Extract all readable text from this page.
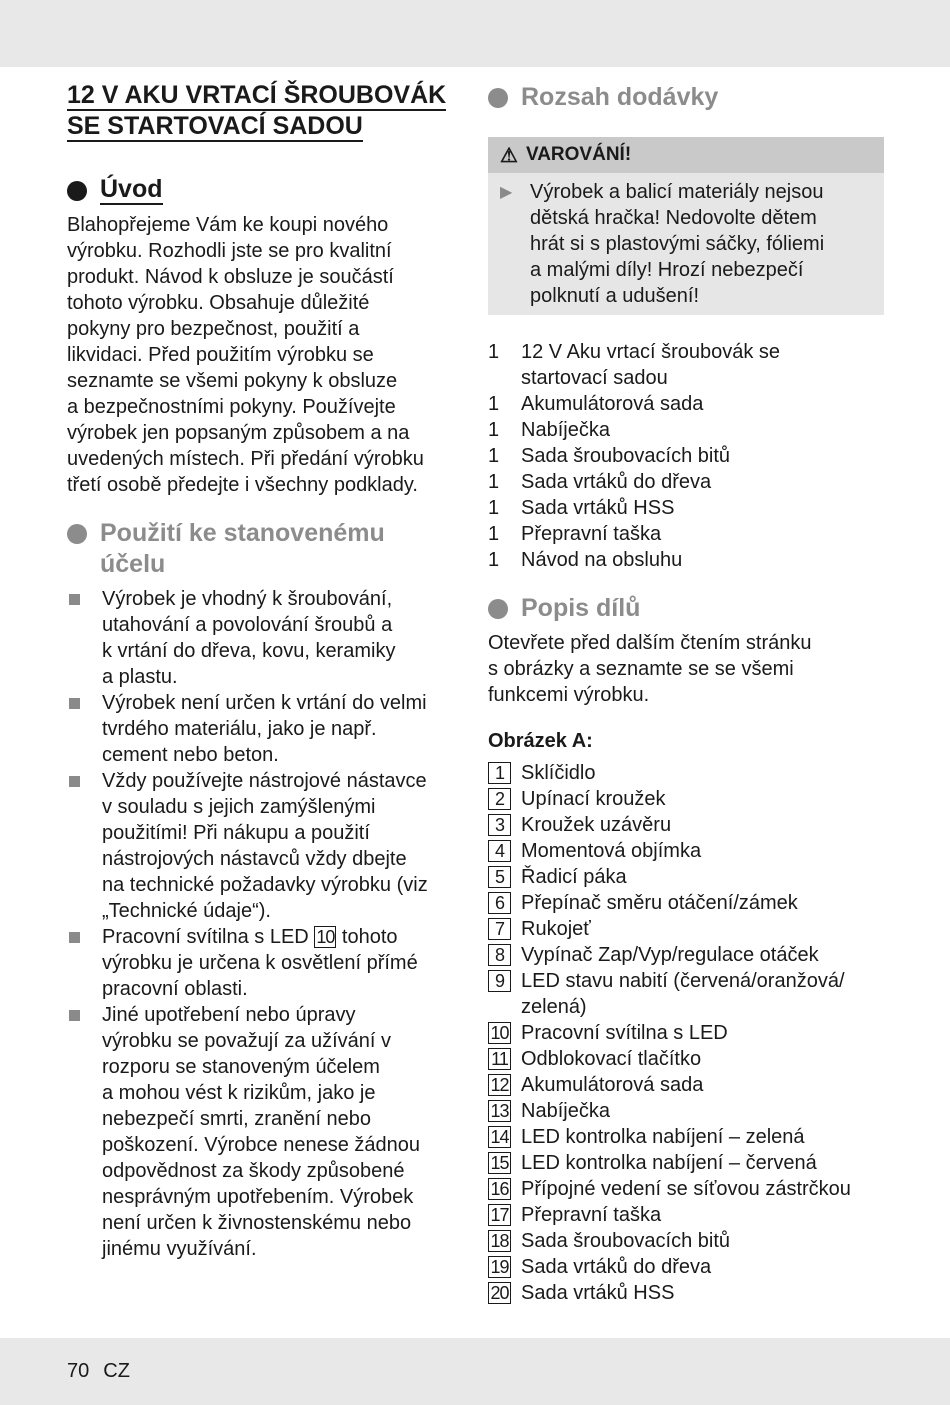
12 V AKU VRTACÍ ŠROUBOVÁK
SE STARTOVACÍ SADOU
Úvod
Blahopřejeme Vám ke koupi nového
výrobku. Rozhodli jste se pro kvalitní
produkt. Návod k obsluze je součástí
tohoto výrobku. Obsahuje důležité
pokyny pro bezpečnost, použití a
likvidaci. Před použitím výrobku se
seznamte se všemi pokyny k obsluze
a bezpečnostními pokyny. Používejte
výrobek jen popsaným způsobem a na
uvedených místech. Při předání výrobku
třetí osobě předejte i všechny podklady.
Použití ke stanovenému
účelu
Výrobek je vhodný k šroubování,
utahování a povolování šroubů a
k vrtání do dřeva, kovu, keramiky
a plastu.
Výrobek není určen k vrtání do velmi
tvrdého materiálu, jako je např.
cement nebo beton.
Vždy používejte nástrojové nástavce
v souladu s jejich zamýšlenými
použitími! Při nákupu a použití
nástrojových nástavců vždy dbejte
na technické požadavky výrobku (viz
„Technické údaje“).
Pracovní svítilna s LED 10 tohoto
výrobku je určena k osvětlení přímé
pracovní oblasti.
Jiné upotřebení nebo úpravy
výrobku se považují za užívání v
rozporu se stanoveným účelem
a mohou vést k rizikům, jako je
nebezpečí smrti, zranění nebo
poškození. Výrobce nenese žádnou
odpovědnost za škody způsobené
nesprávným upotřebením. Výrobek
není určen k živnostenskému nebo
jinému využívání.
Rozsah dodávky
⚠ VAROVÁNÍ!
▶ Výrobek a balicí materiály nejsou
dětská hračka! Nedovolte dětem
hrát si s plastovými sáčky, fóliemi
a malými díly! Hrozí nebezpečí
polknutí a udušení!
1	12 V Aku vrtací šroubovák se
startovací sadou
1	Akumulátorová sada
1	Nabíječka
1	Sada šroubovacích bitů
1	Sada vrtáků do dřeva
1	Sada vrtáků HSS
1	Přepravní taška
1	Návod na obsluhu
Popis dílů
Otevřete před dalším čtením stránku
s obrázky a seznamte se se všemi
funkcemi výrobku.
Obrázek A:
1 Sklíčidlo
2 Upínací kroužek
3 Kroužek uzávěru
4 Momentová objímka
5 Řadicí páka
6 Přepínač směru otáčení/zámek
7 Rukojeť
8 Vypínač Zap/Vyp/regulace otáček
9 LED stavu nabití (červená/oranžová/
zelená)
10 Pracovní svítilna s LED
11 Odblokovací tlačítko
12 Akumulátorová sada
13 Nabíječka
14 LED kontrolka nabíjení – zelená
15 LED kontrolka nabíjení – červená
16 Přípojné vedení se síťovou zástrčkou
17 Přepravní taška
18 Sada šroubovacích bitů
19 Sada vrtáků do dřeva
20 Sada vrtáků HSS
70 CZ
